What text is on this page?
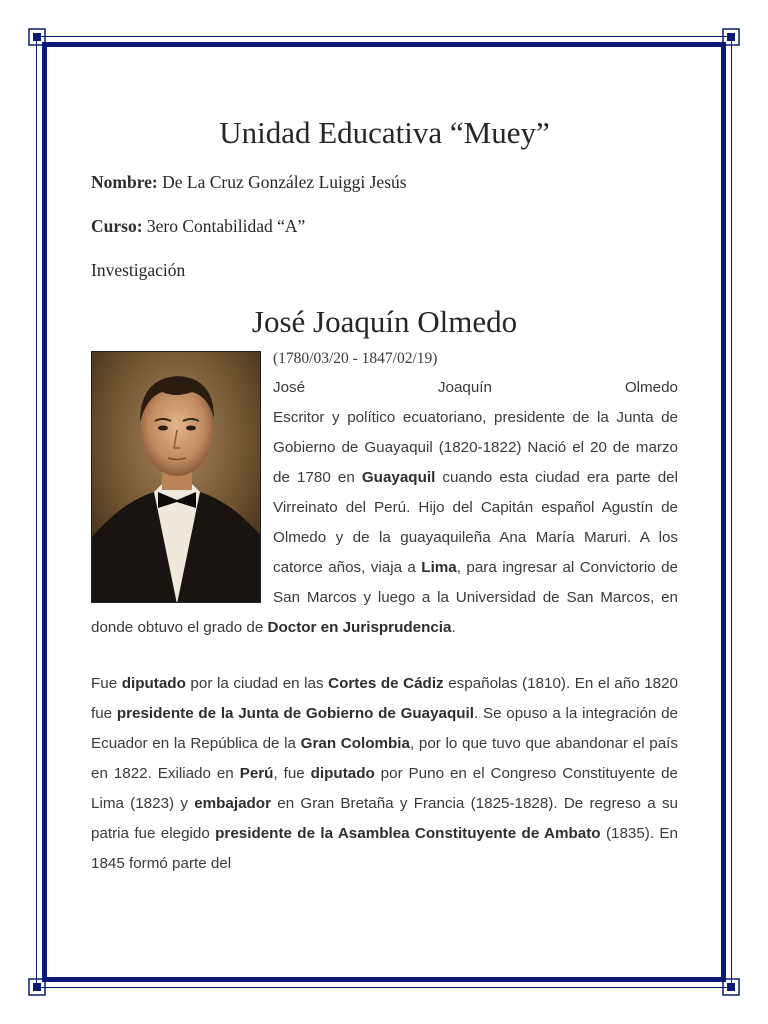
Unidad Educativa “Muey”
Nombre: De La Cruz González Luiggi Jesús
Curso: 3ero Contabilidad “A”
Investigación
José Joaquín Olmedo
(1780/03/20 - 1847/02/19)
José Joaquín Olmedo

Escritor y político ecuatoriano, presidente de la Junta de Gobierno de Guayaquil (1820-1822) Nació el 20 de marzo de 1780 en Guayaquil cuando esta ciudad era parte del Virreinato del Perú. Hijo del Capitán español Agustín de Olmedo y de la guayaquileña Ana María Maruri. A los catorce años, viaja a Lima, para ingresar al Convictorio de San Marcos y luego a la Universidad de San Marcos, en donde obtuvo el grado de Doctor en Jurisprudencia.

Fue diputado por la ciudad en las Cortes de Cádiz españolas (1810). En el año 1820 fue presidente de la Junta de Gobierno de Guayaquil. Se opuso a la integración de Ecuador en la República de la Gran Colombia, por lo que tuvo que abandonar el país en 1822. Exiliado en Perú, fue diputado por Puno en el Congreso Constituyente de Lima (1823) y embajador en Gran Bretaña y Francia (1825-1828). De regreso a su patria fue elegido presidente de la Asamblea Constituyente de Ambato (1835). En 1845 formó parte del
